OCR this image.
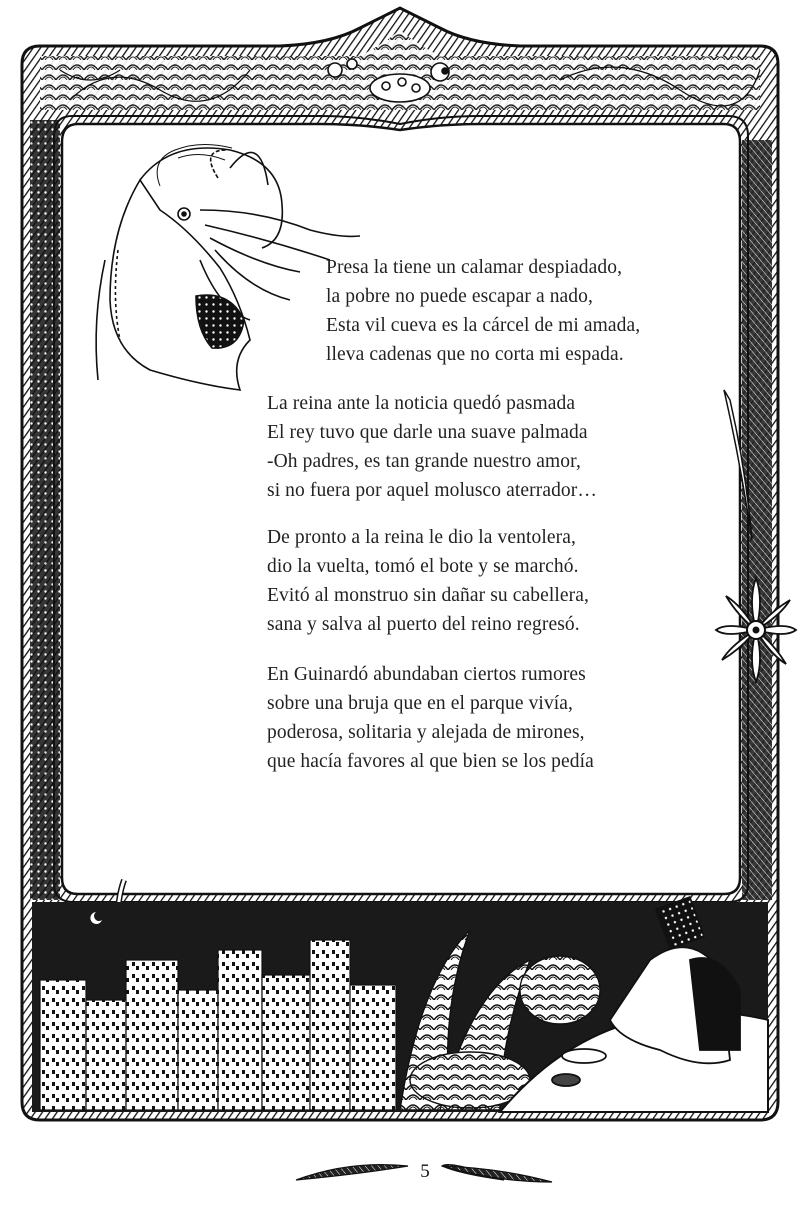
Presa la tiene un calamar despiadado,
la pobre no puede escapar a nado,
Esta vil cueva es la cárcel de mi amada,
lleva cadenas que no corta mi espada.
La reina ante la noticia quedó pasmada
El rey tuvo que darle una suave palmada
-Oh padres, es tan grande nuestro amor,
si no fuera por aquel molusco aterrador…
De pronto a la reina le dio la ventolera,
dio la vuelta, tomó el bote y se marchó.
Evitó al monstruo sin dañar su cabellera,
sana y salva al puerto del reino regresó.
En Guinardó abundaban ciertos rumores
sobre una bruja que en el parque vivía,
poderosa, solitaria y alejada de mirones,
que hacía favores al que bien se los pedía
5
